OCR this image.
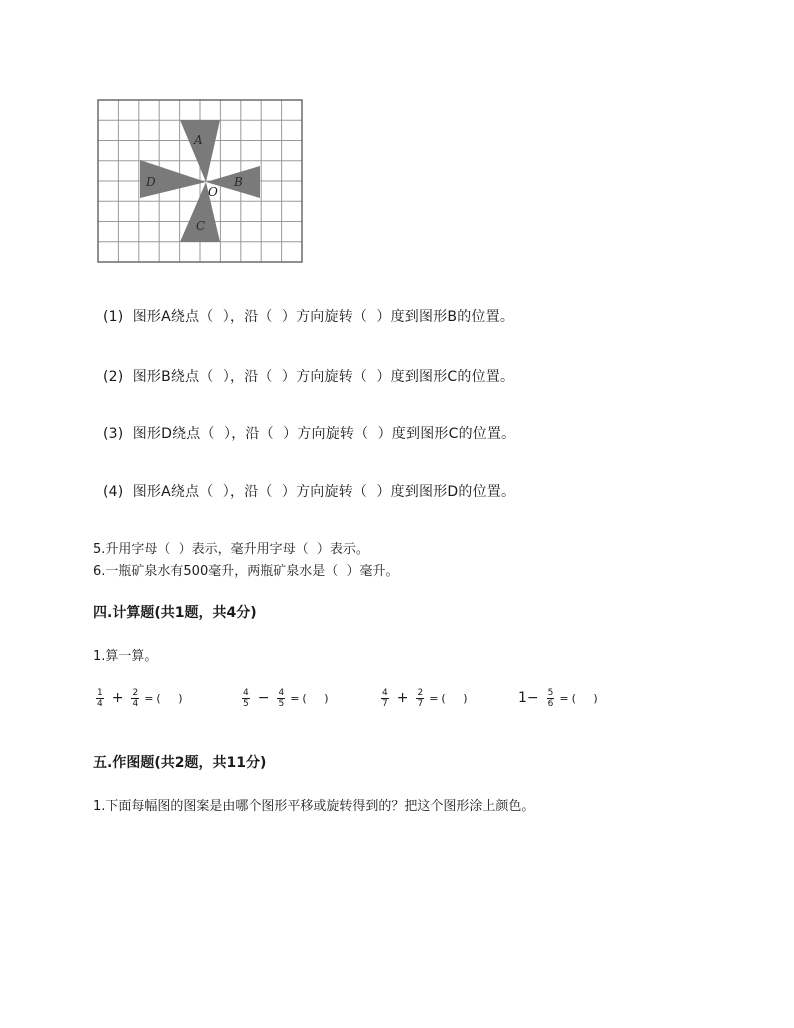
A
B
C
D
O
(1)  图形A绕点（  ），沿（  ）方向旋转（  ）度到图形B的位置。
(2)  图形B绕点（  ），沿（  ）方向旋转（  ）度到图形C的位置。
(3)  图形D绕点（  ），沿（  ）方向旋转（  ）度到图形C的位置。
(4)  图形A绕点（  ），沿（  ）方向旋转（  ）度到图形D的位置。
5.升用字母（  ）表示，毫升用字母（  ）表示。
6.一瓶矿泉水有500毫升，两瓶矿泉水是（  ）毫升。
四.计算题(共1题，共4分)
1.算一算。
$\frac{1}{4} + \frac{2}{4}$ = (     )	$\frac{4}{5} - \frac{4}{5}$ = (     )	$\frac{4}{7} + \frac{2}{7}$ = (     )	$1- \frac{5}{6}$ = (     )
五.作图题(共2题，共11分)
1.下面每幅图的图案是由哪个图形平移或旋转得到的？把这个图形涂上颜色。
